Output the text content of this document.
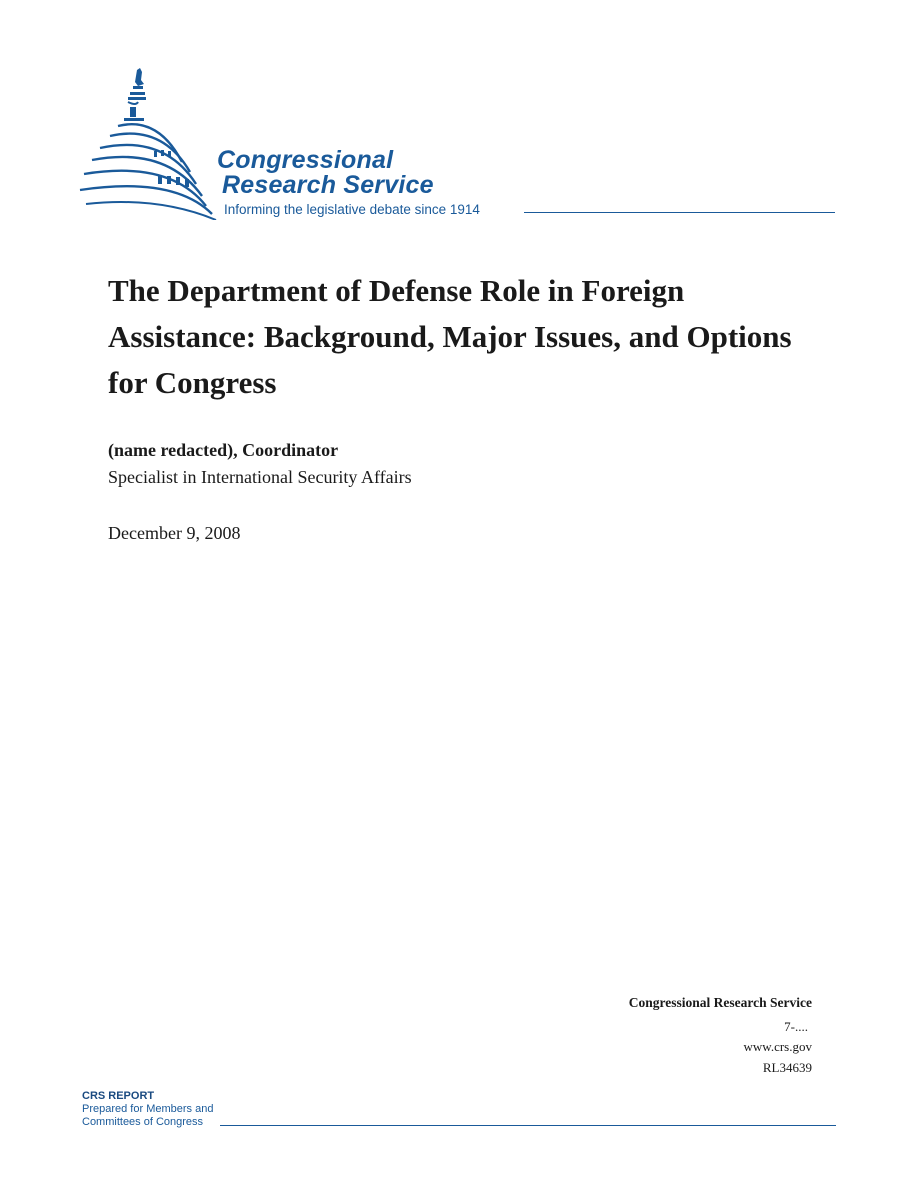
Congressional
Research Service
Informing the legislative debate since 1914
The Department of Defense Role in Foreign Assistance: Background, Major Issues, and Options for Congress
(name redacted), Coordinator
Specialist in International Security Affairs
December 9, 2008
Congressional Research Service
7-....
www.crs.gov
RL34639
CRS REPORT
Prepared for Members and
Committees of Congress
